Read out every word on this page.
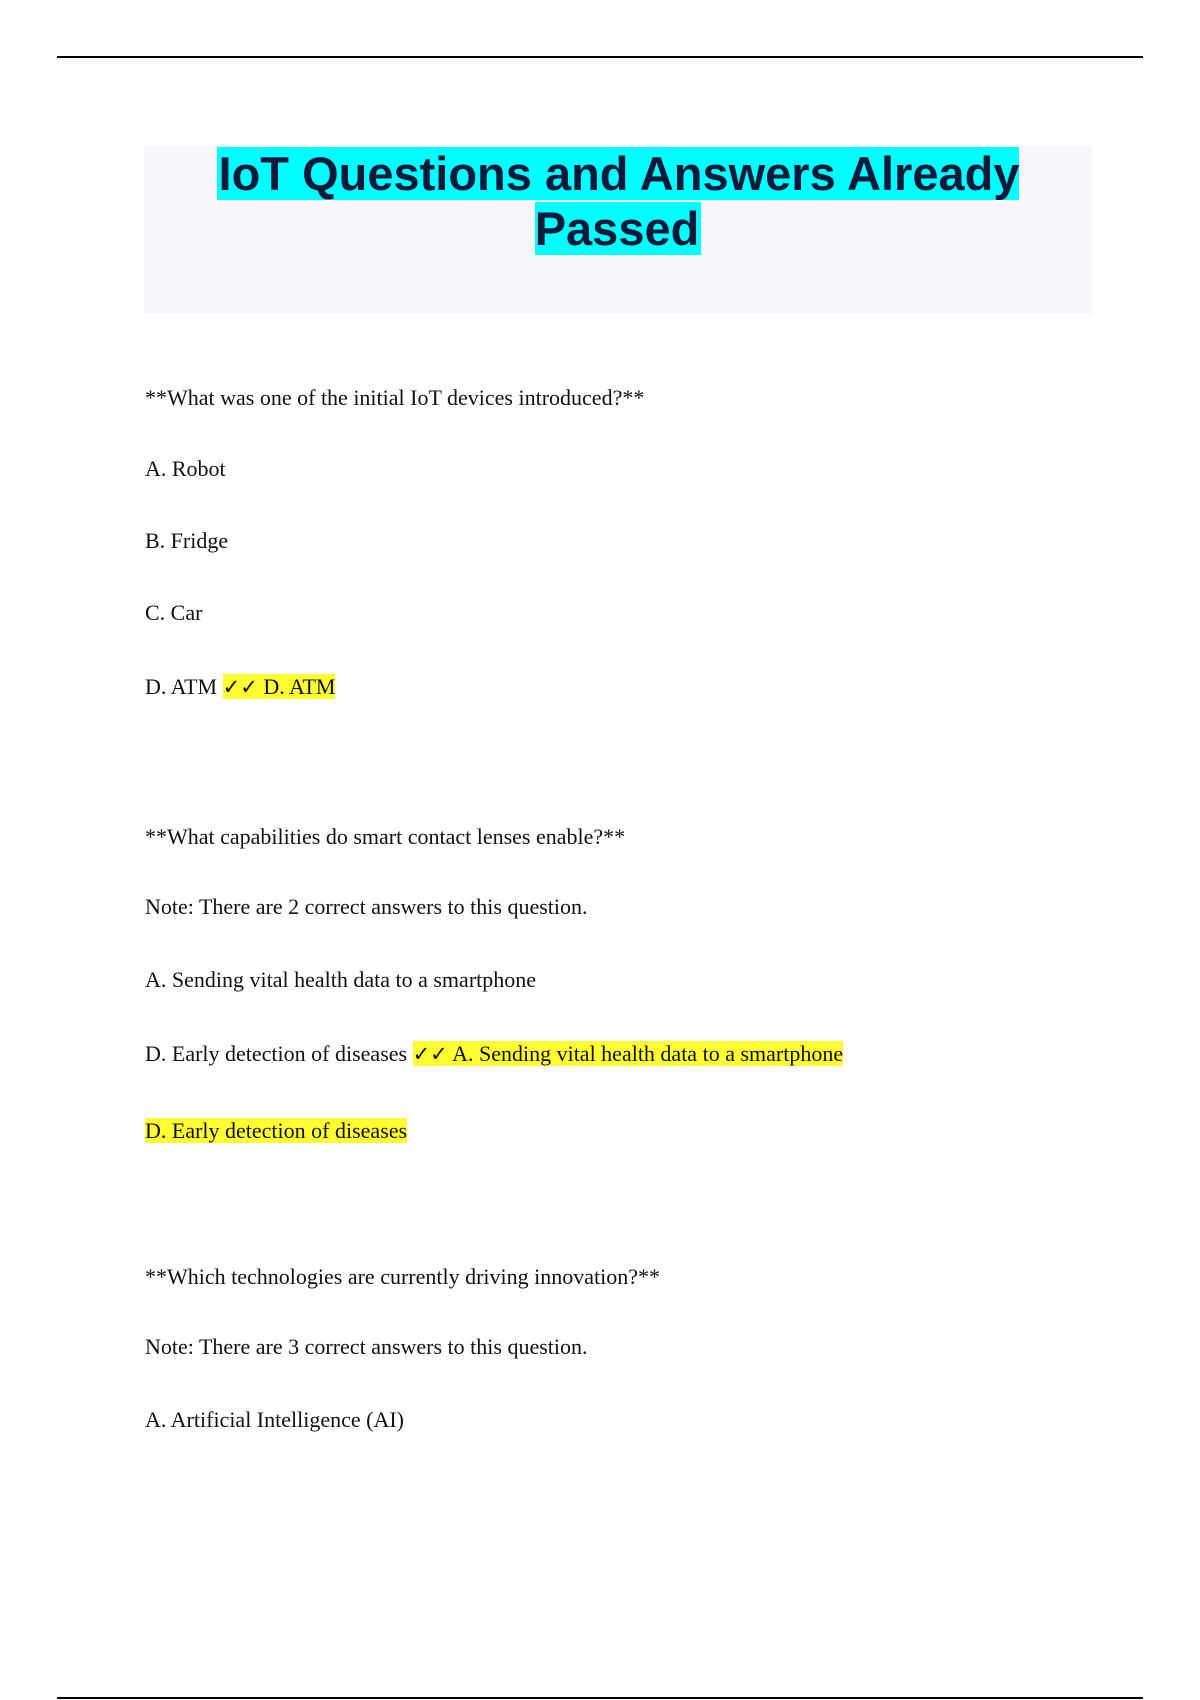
IoT Questions and Answers Already Passed

**What was one of the initial IoT devices introduced?**

A. Robot

B. Fridge

C. Car

D. ATM ✓✓ D. ATM

**What capabilities do smart contact lenses enable?**

Note: There are 2 correct answers to this question.

A. Sending vital health data to a smartphone

D. Early detection of diseases ✓✓ A. Sending vital health data to a smartphone

D. Early detection of diseases

**Which technologies are currently driving innovation?**

Note: There are 3 correct answers to this question.

A. Artificial Intelligence (AI)
